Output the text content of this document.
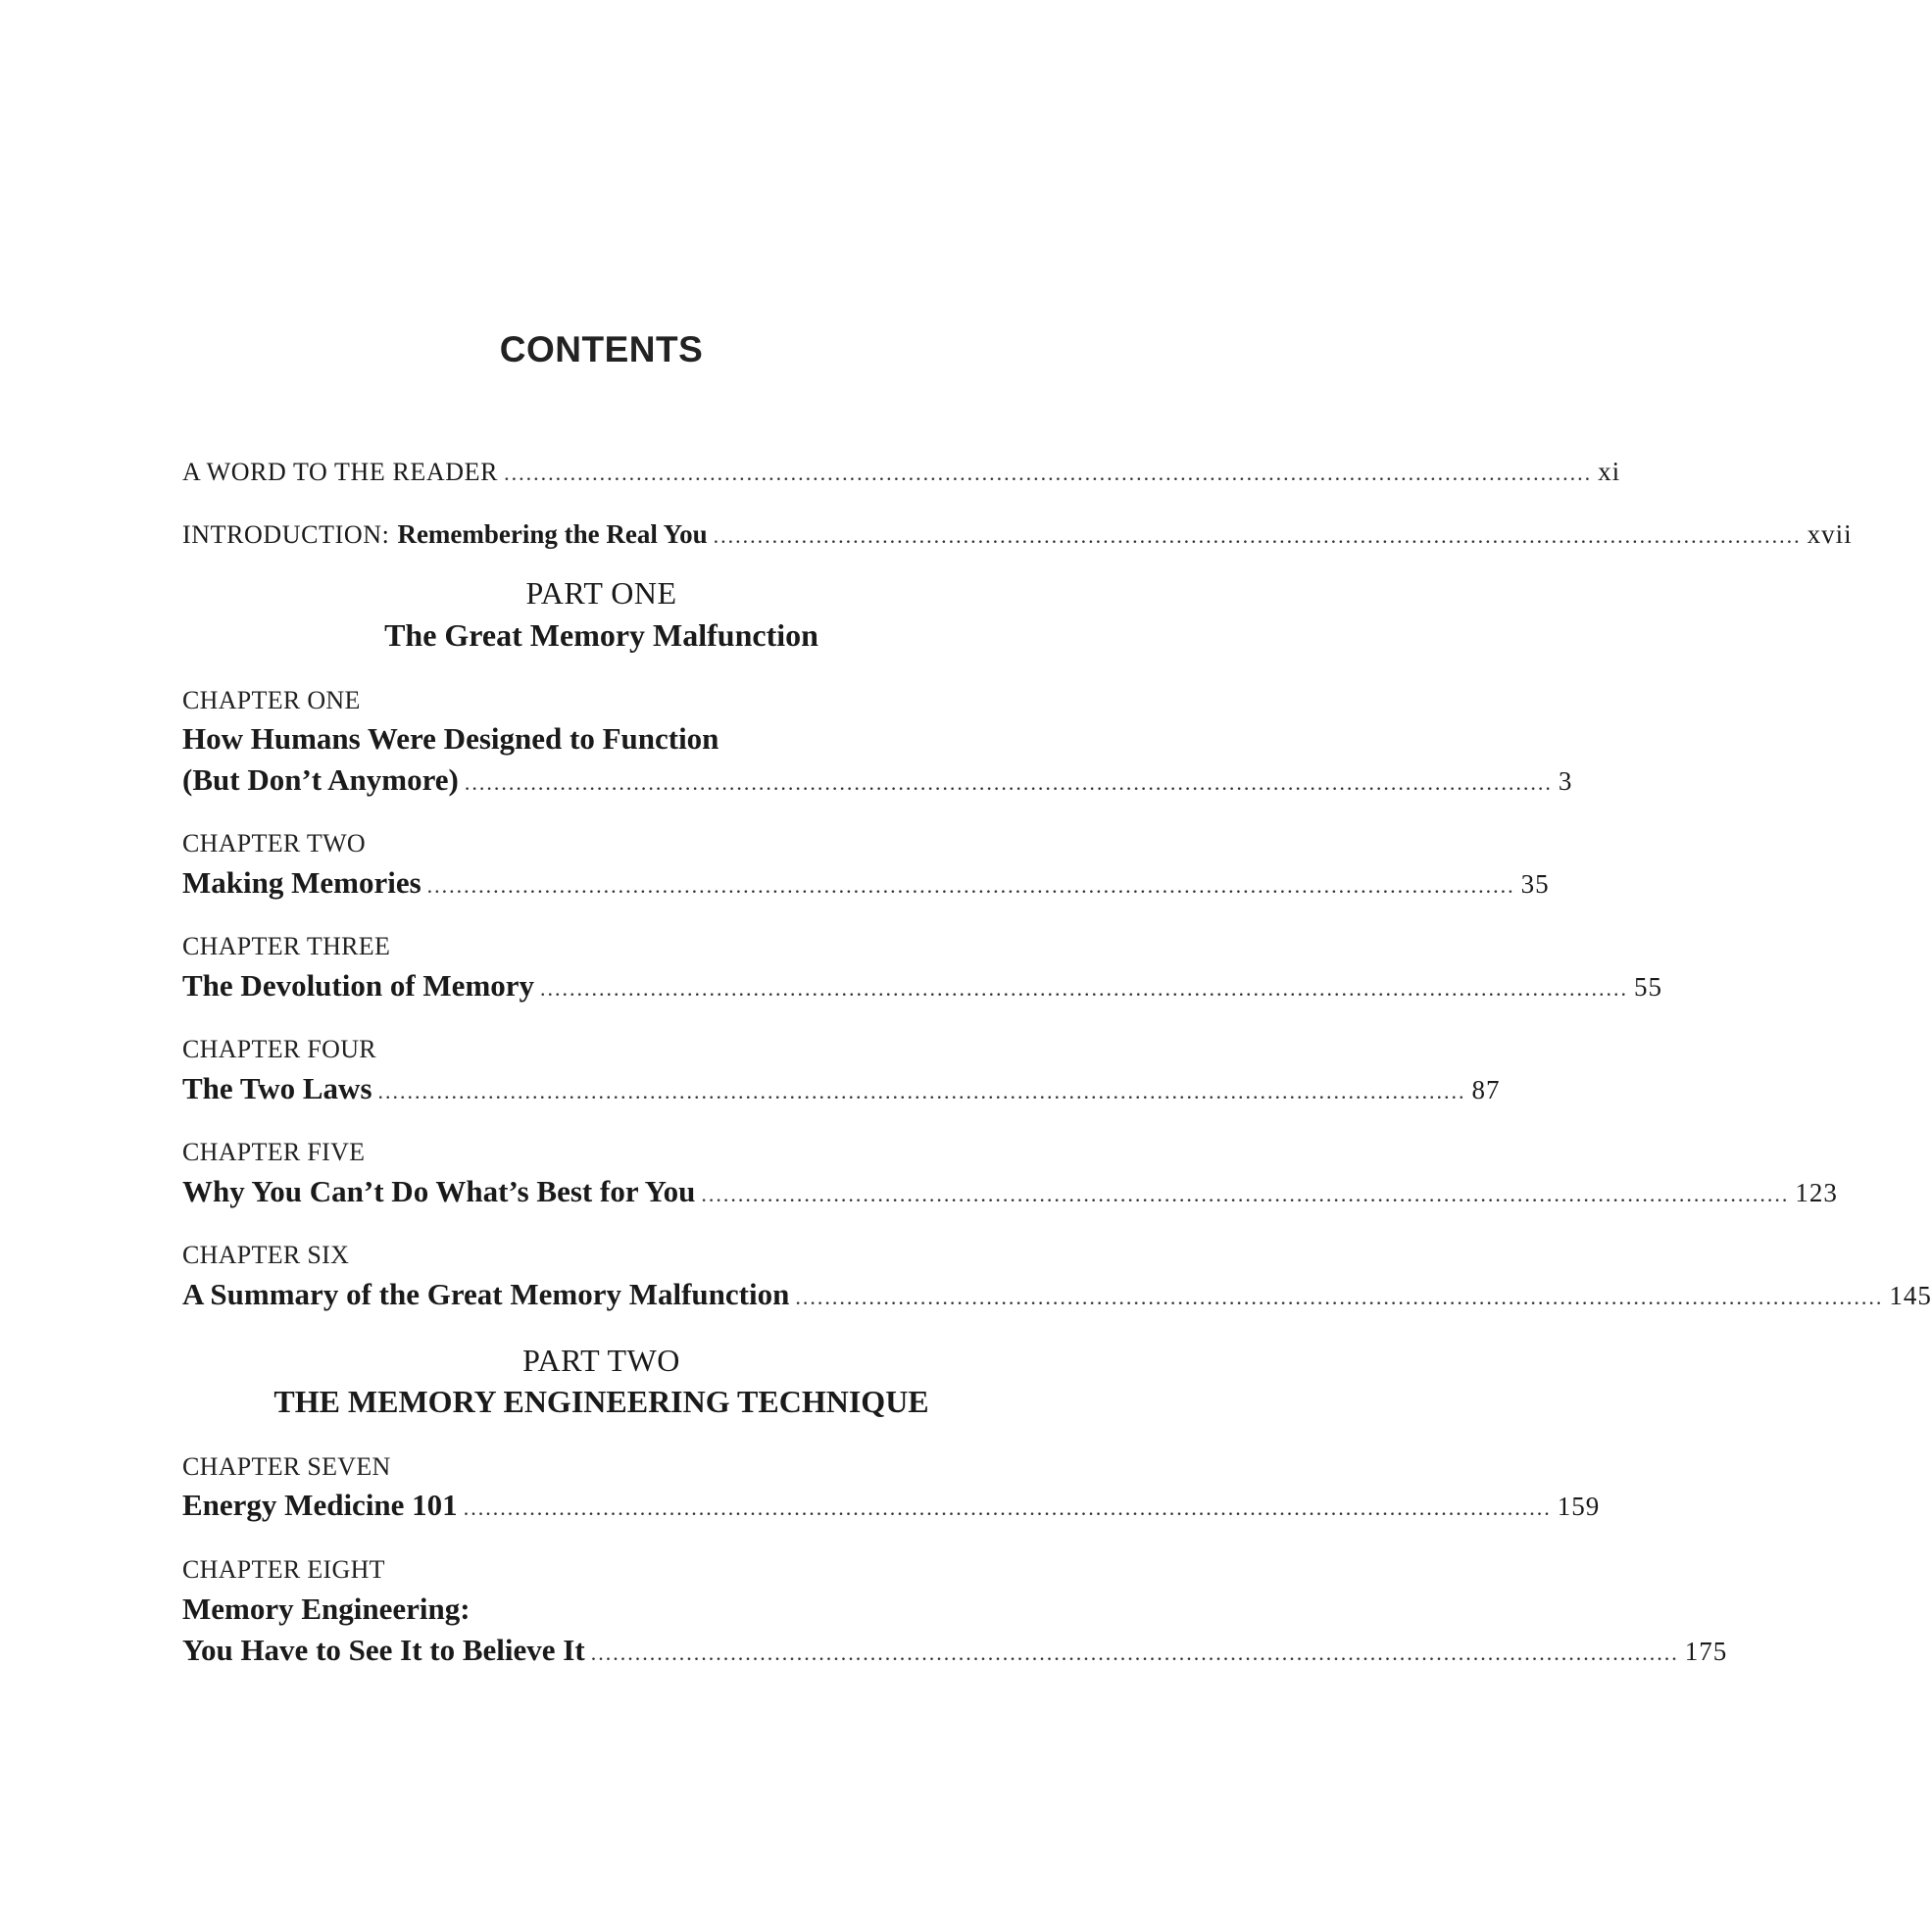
CONTENTS
A WORD TO THE READER .................................................................................................................................................... xi
INTRODUCTION: Remembering the Real You .................................................................................................................................................... xvii
PART ONE
The Great Memory Malfunction
CHAPTER ONE
How Humans Were Designed to Function
(But Don’t Anymore) .................................................................................................................................................... 3
CHAPTER TWO
Making Memories .................................................................................................................................................... 35
CHAPTER THREE
The Devolution of Memory .................................................................................................................................................... 55
CHAPTER FOUR
The Two Laws .................................................................................................................................................... 87
CHAPTER FIVE
Why You Can’t Do What’s Best for You .................................................................................................................................................... 123
CHAPTER SIX
A Summary of the Great Memory Malfunction .................................................................................................................................................... 145
PART TWO
THE MEMORY ENGINEERING TECHNIQUE
CHAPTER SEVEN
Energy Medicine 101 .................................................................................................................................................... 159
CHAPTER EIGHT
Memory Engineering:
You Have to See It to Believe It .................................................................................................................................................... 175
